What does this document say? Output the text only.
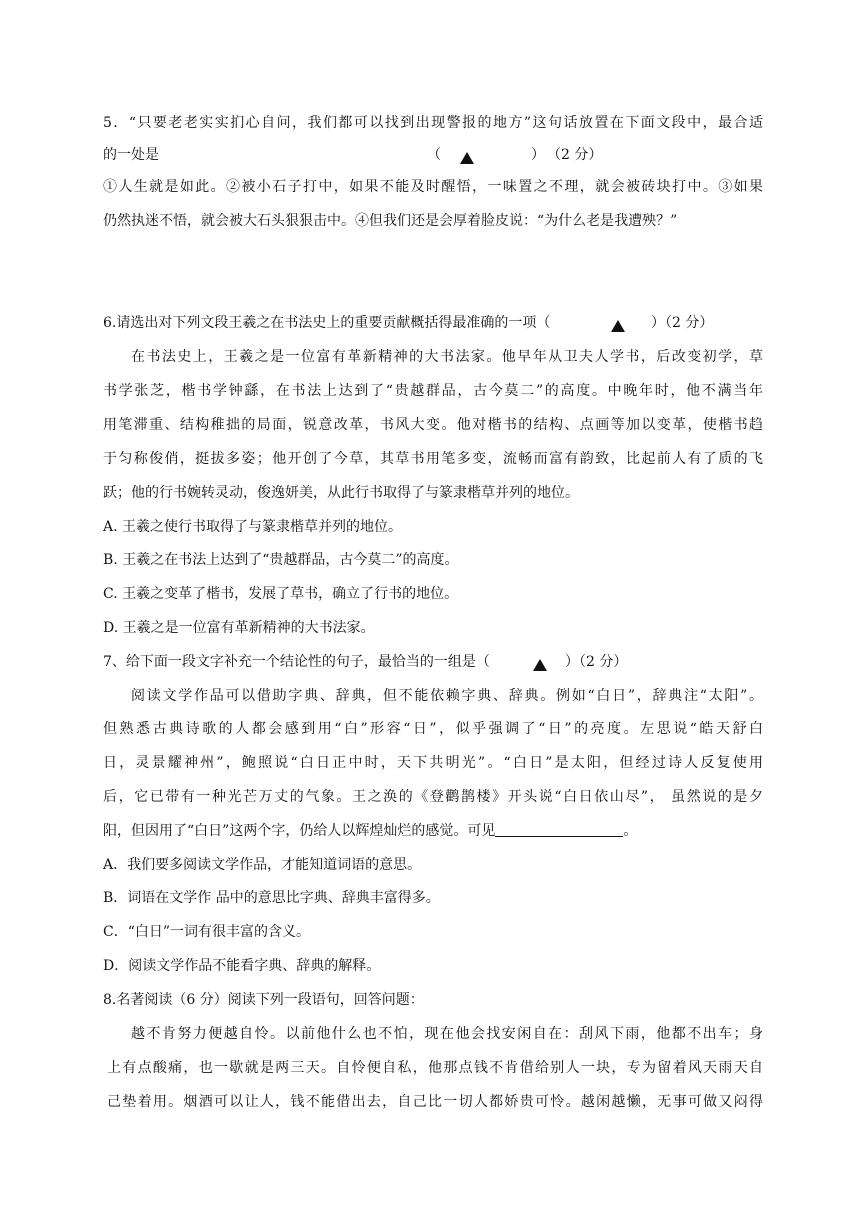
5．“只要老老实实扪心自问，我们都可以找到出现警报的地方”这句话放置在下面文段中，最合适
的一处是	（	） （2 分）
①人生就是如此。②被小石子打中，如果不能及时醒悟，一味置之不理，就会被砖块打中。③如果
仍然执迷不悟，就会被大石头狠狠击中。④但我们还是会厚着脸皮说：“为什么老是我遭殃？”
6.请选出对下列文段王羲之在书法史上的重要贡献概括得最准确的一项（	）（2 分）
在书法史上，王羲之是一位富有革新精神的大书法家。他早年从卫夫人学书，后改变初学，草
书学张芝，楷书学钟繇，在书法上达到了“贵越群品，古今莫二”的高度。中晚年时，他不满当年
用笔滞重、结构稚拙的局面，锐意改革，书风大变。他对楷书的结构、点画等加以变革，使楷书趋
于匀称俊俏，挺拔多姿；他开创了今草，其草书用笔多变，流畅而富有韵致，比起前人有了质的飞
跃；他的行书婉转灵动，俊逸妍美，从此行书取得了与篆隶楷草并列的地位。
A. 王羲之使行书取得了与篆隶楷草并列的地位。
B. 王羲之在书法上达到了“贵越群品，古今莫二”的高度。
C. 王羲之变革了楷书，发展了草书，确立了行书的地位。
D. 王羲之是一位富有革新精神的大书法家。
7、给下面一段文字补充一个结论性的句子，最恰当的一组是（	）（2 分）
阅读文学作品可以借助字典、辞典，但不能依赖字典、辞典。例如“白日”，辞典注“太阳”。
但熟悉古典诗歌的人都会感到用“白”形容“日”，似乎强调了“日”的亮度。左思说“皓天舒白
日，灵景耀神州”，鲍照说“白日正中时，天下共明光”。“白日”是太阳，但经过诗人反复使用
后，它已带有一种光芒万丈的气象。王之涣的《登鹳鹊楼》开头说“白日依山尽”， 虽然说的是夕
阳，但因用了“白日”这两个字，仍给人以辉煌灿烂的感觉。可见	。
A．我们要多阅读文学作品，才能知道词语的意思。
B．词语在文学作 品中的意思比字典、辞典丰富得多。
C．“白日”一词有很丰富的含义。
D．阅读文学作品不能看字典、辞典的解释。
8.名著阅读（6 分）阅读下列一段语句，回答问题：
越不肯努力便越自怜。以前他什么也不怕，现在他会找安闲自在：刮风下雨，他都不出车；身
上有点酸痛，也一歇就是两三天。自怜便自私，他那点钱不肯借给别人一块，专为留着风天雨天自
己垫着用。烟酒可以让人，钱不能借出去，自己比一切人都娇贵可怜。越闲越懒，无事可做又闷得
